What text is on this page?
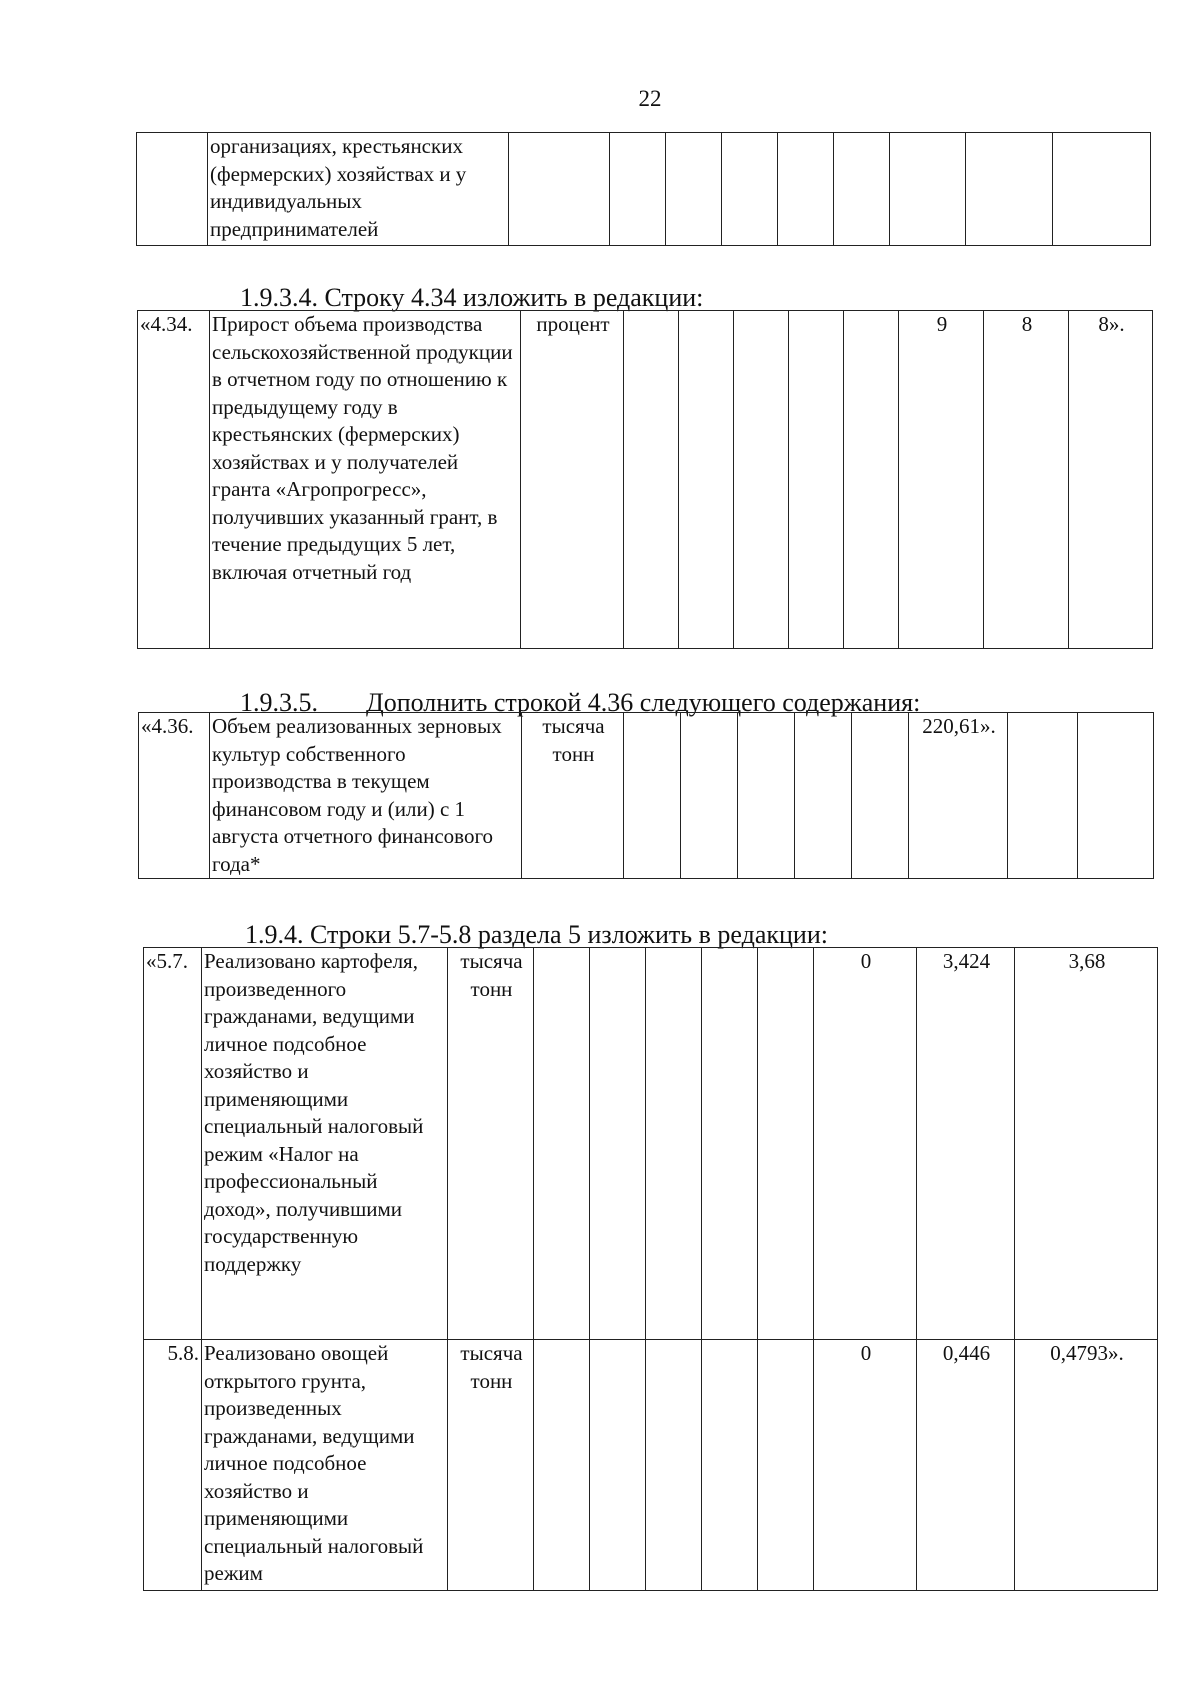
22
	организациях, крестьянских (фермерских) хозяйствах и у индивидуальных предпринимателей									
1.9.3.4. Строку 4.34 изложить в редакции:
«4.34.	Прирост объема производства сельскохозяйственной продукции в отчетном году по отношению к предыдущему году в крестьянских (фермерских) хозяйствах и у получателей гранта «Агропрогресс», получивших указанный грант, в течение предыдущих 5 лет, включая отчетный год	процент						9	8	8».
1.9.3.5. Дополнить строкой 4.36 следующего содержания:
«4.36.	Объем реализованных зерновых культур собственного производства в текущем финансовом году и (или) с 1 августа отчетного финансового года*	тысяча тонн						220,61».		
1.9.4. Строки 5.7-5.8 раздела 5 изложить в редакции:
«5.7.	Реализовано картофеля, произведенного гражданами, ведущими личное подсобное хозяйство и применяющими специальный налоговый режим «Налог на профессиональный доход», получившими государственную поддержку	тысяча тонн						0	3,424	3,68
5.8.	Реализовано овощей открытого грунта, произведенных гражданами, ведущими личное подсобное хозяйство и применяющими специальный налоговый режим	тысяча тонн						0	0,446	0,4793».
